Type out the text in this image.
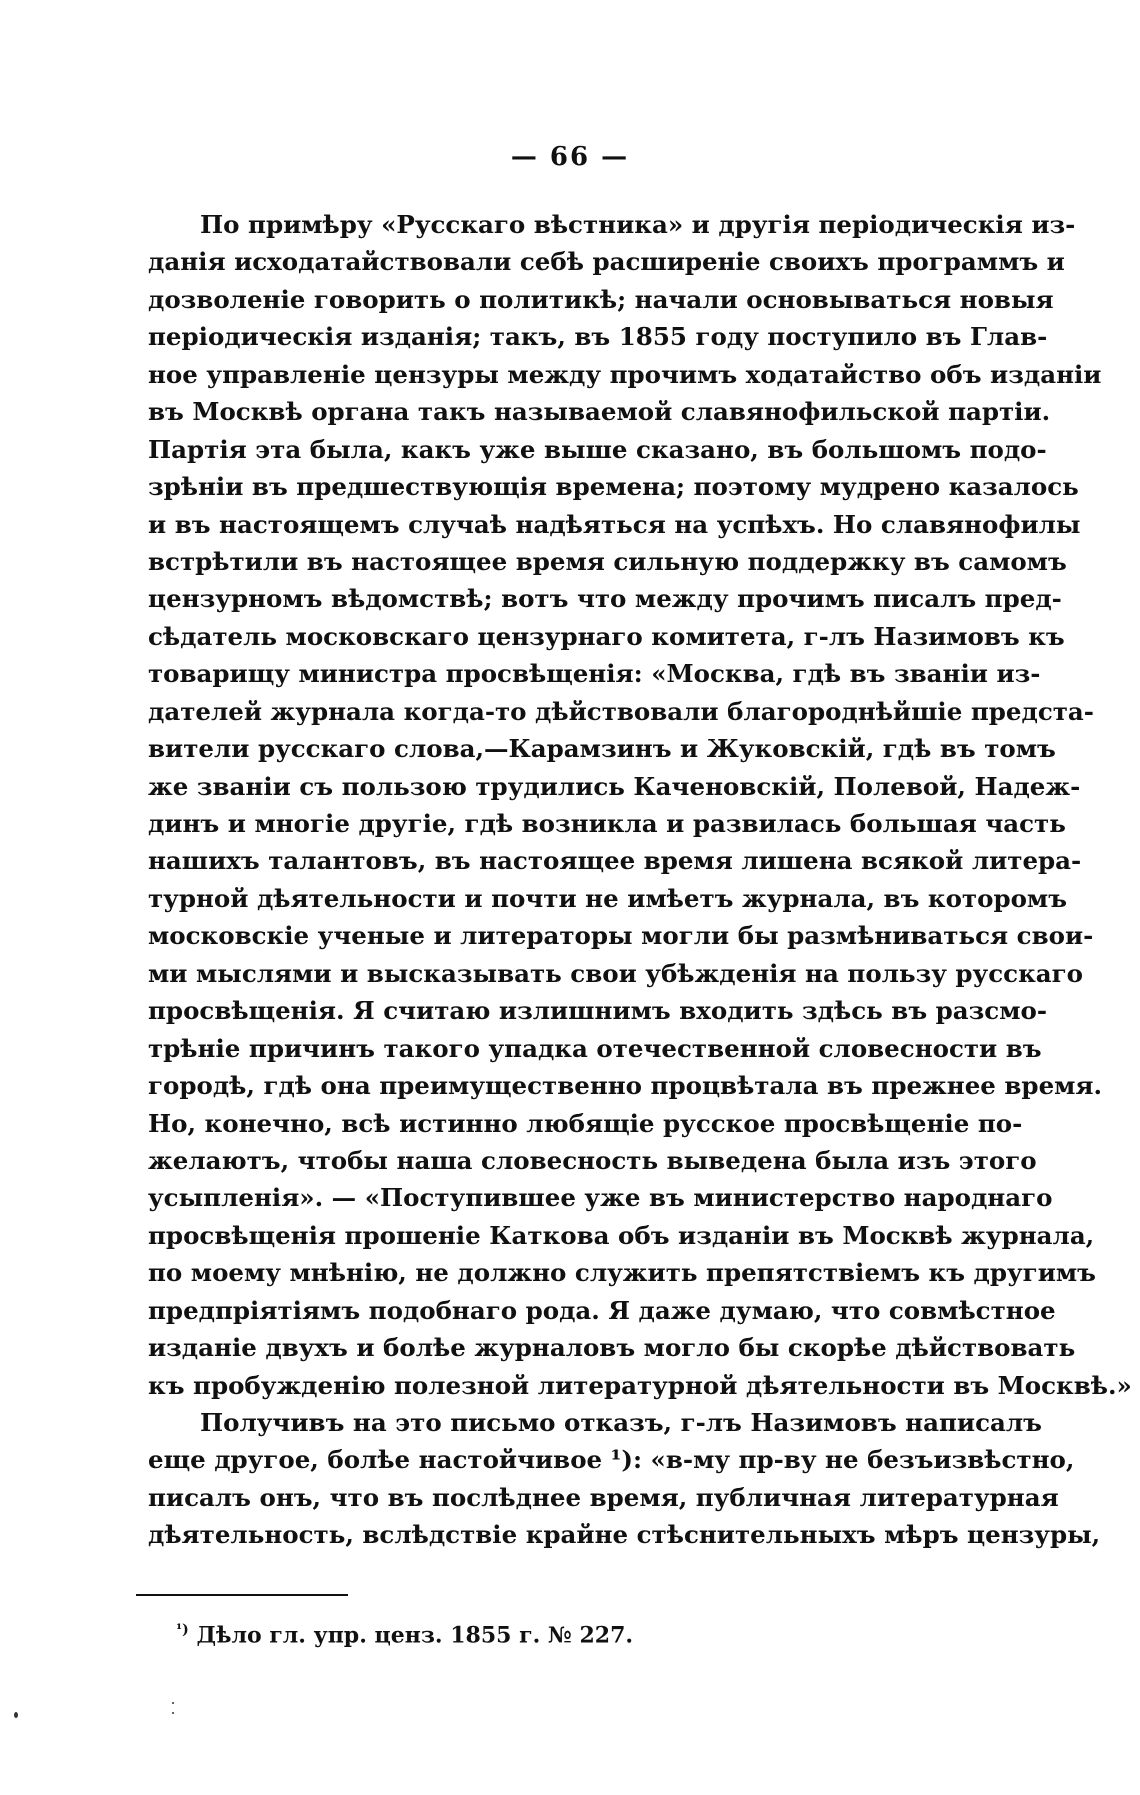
— 66 —
По примѣру «Русскаго вѣстника» и другія періодическія из-
данія исходатайствовали себѣ расширеніе своихъ программъ и
дозволеніе говорить о политикѣ; начали основываться новыя
періодическія изданія; такъ, въ 1855 году поступило въ Глав-
ное управленіе цензуры между прочимъ ходатайство объ изданіи
въ Москвѣ органа такъ называемой славянофильской партіи.
Партія эта была, какъ уже выше сказано, въ большомъ подо-
зрѣніи въ предшествующія времена; поэтому мудрено казалось
и въ настоящемъ случаѣ надѣяться на успѣхъ. Но славянофилы
встрѣтили въ настоящее время сильную поддержку въ самомъ
цензурномъ вѣдомствѣ; вотъ что между прочимъ писалъ пред-
сѣдатель московскаго цензурнаго комитета, г-лъ Назимовъ къ
товарищу министра просвѣщенія: «Москва, гдѣ въ званіи из-
дателей журнала когда-то дѣйствовали благороднѣйшіе предста-
вители русскаго слова,—Карамзинъ и Жуковскій, гдѣ въ томъ
же званіи съ пользою трудились Каченовскій, Полевой, Надеж-
динъ и многіе другіе, гдѣ возникла и развилась большая часть
нашихъ талантовъ, въ настоящее время лишена всякой литера-
турной дѣятельности и почти не имѣетъ журнала, въ которомъ
московскіе ученые и литераторы могли бы размѣниваться свои-
ми мыслями и высказывать свои убѣжденія на пользу русскаго
просвѣщенія. Я считаю излишнимъ входить здѣсь въ разсмо-
трѣніе причинъ такого упадка отечественной словесности въ
городѣ, гдѣ она преимущественно процвѣтала въ прежнее время.
Но, конечно, всѣ истинно любящіе русское просвѣщеніе по-
желаютъ, чтобы наша словесность выведена была изъ этого
усыпленія». — «Поступившее уже въ министерство народнаго
просвѣщенія прошеніе Каткова объ изданіи въ Москвѣ журнала,
по моему мнѣнію, не должно служить препятствіемъ къ другимъ
предпріятіямъ подобнаго рода. Я даже думаю, что совмѣстное
изданіе двухъ и болѣе журналовъ могло бы скорѣе дѣйствовать
къ пробужденію полезной литературной дѣятельности въ Москвѣ.»
Получивъ на это письмо отказъ, г-лъ Назимовъ написалъ
еще другое, болѣе настойчивое ¹): «в-му пр-ву не безъизвѣстно,
писалъ онъ, что въ послѣднее время, публичная литературная
дѣятельность, вслѣдствіе крайне стѣснительныхъ мѣръ цензуры,
$^{^1)}$ Дѣло гл. упр. ценз. 1855 г. № 227.
